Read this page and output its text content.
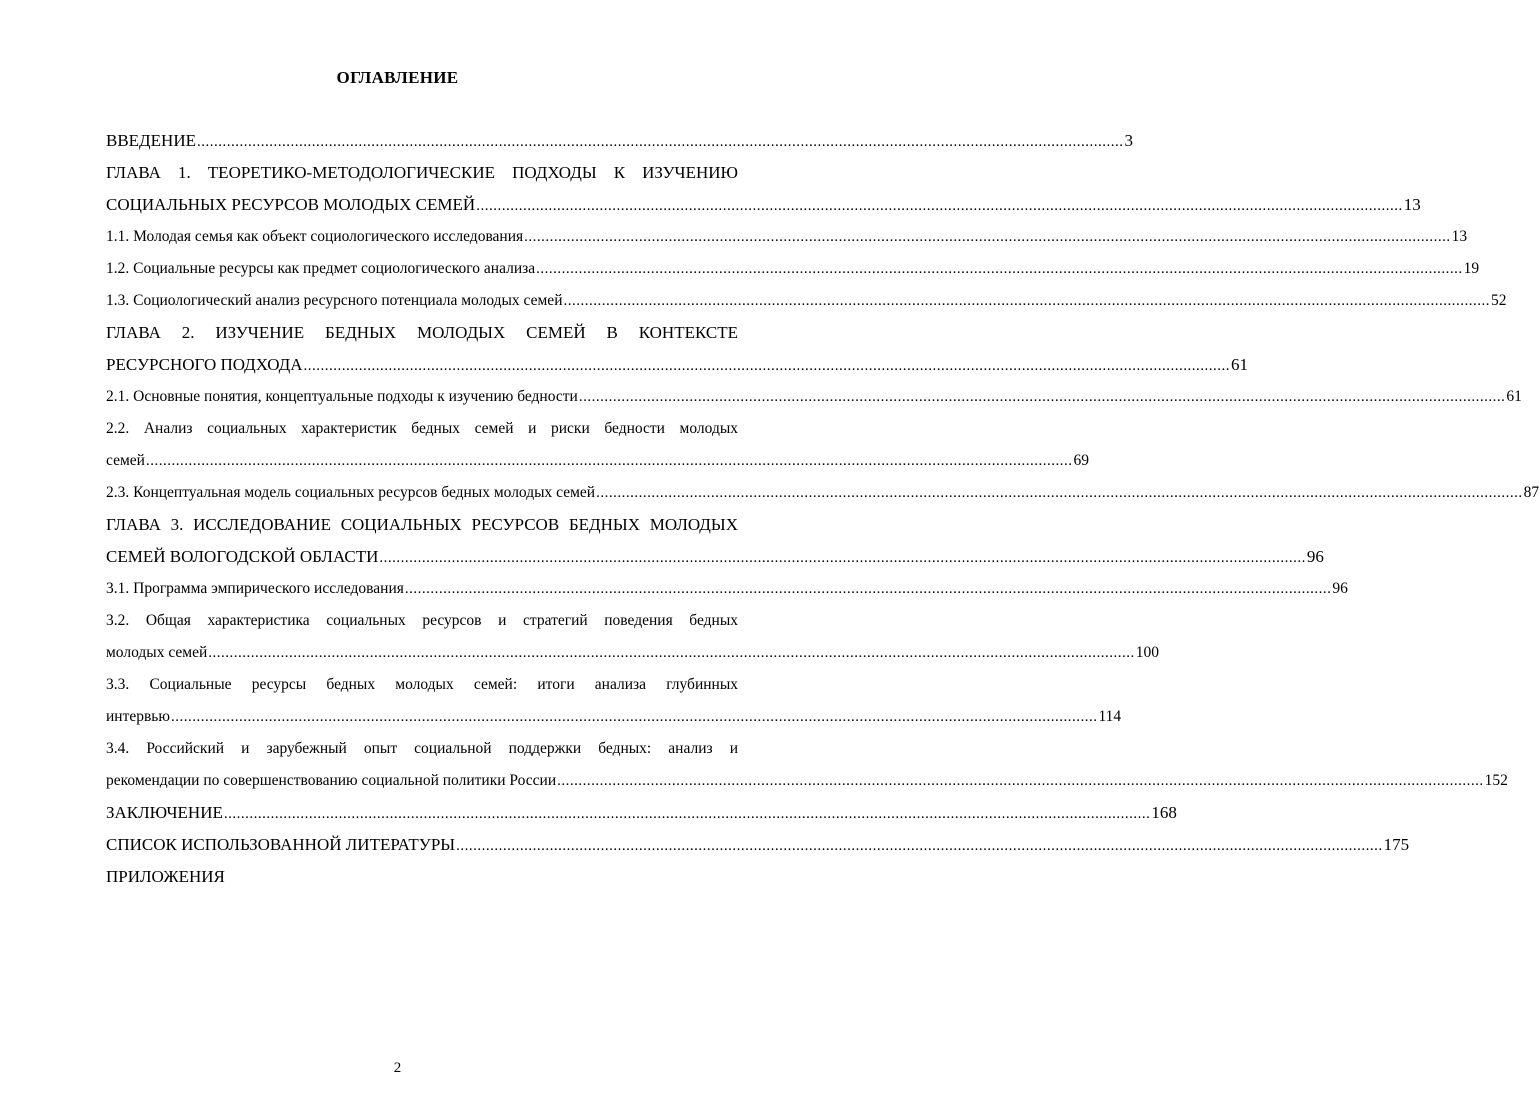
ОГЛАВЛЕНИЕ
ВВЕДЕНИЕ .....	3
ГЛАВА 1. ТЕОРЕТИКО-МЕТОДОЛОГИЧЕСКИЕ ПОДХОДЫ К ИЗУЧЕНИЮ
СОЦИАЛЬНЫХ РЕСУРСОВ МОЛОДЫХ СЕМЕЙ .....	13
1.1. Молодая семья как объект социологического исследования .....	13
1.2. Социальные ресурсы как предмет социологического анализа .....	19
1.3. Социологический анализ ресурсного потенциала молодых семей .....	52
ГЛАВА 2. ИЗУЧЕНИЕ БЕДНЫХ МОЛОДЫХ СЕМЕЙ В КОНТЕКСТЕ
РЕСУРСНОГО ПОДХОДА .....	61
2.1. Основные понятия, концептуальные подходы к изучению бедности .....	61
2.2. Анализ социальных характеристик бедных семей и риски бедности молодых
семей .....	69
2.3. Концептуальная модель социальных ресурсов бедных молодых семей .....	87
ГЛАВА 3. ИССЛЕДОВАНИЕ СОЦИАЛЬНЫХ РЕСУРСОВ БЕДНЫХ МОЛОДЫХ
СЕМЕЙ ВОЛОГОДСКОЙ ОБЛАСТИ .....	96
3.1. Программа эмпирического исследования .....	96
3.2. Общая характеристика социальных ресурсов и стратегий поведения бедных
молодых семей .....	100
3.3. Социальные ресурсы бедных молодых семей: итоги анализа глубинных
интервью .....	114
3.4. Российский и зарубежный опыт социальной поддержки бедных: анализ и
рекомендации по совершенствованию социальной политики России .....	152
ЗАКЛЮЧЕНИЕ .....	168
СПИСОК ИСПОЛЬЗОВАННОЙ ЛИТЕРАТУРЫ .....	175
ПРИЛОЖЕНИЯ
2
